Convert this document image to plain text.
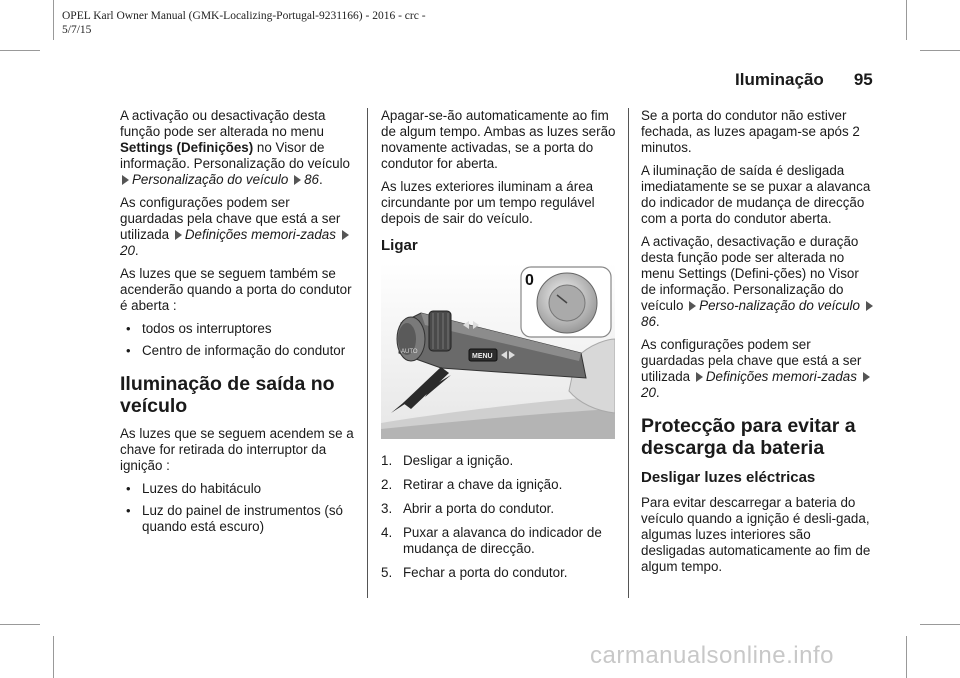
OPEL Karl Owner Manual (GMK-Localizing-Portugal-9231166) - 2016 - crc -
5/7/15
Iluminação 95

A activação ou desactivação desta função pode ser alterada no menu Settings (Definições) no Visor de informação. Personalização do veículo Personalização do veículo 86.

As configurações podem ser guardadas pela chave que está a ser utilizada Definições memori-zadas 20.

As luzes que se seguem também se acenderão quando a porta do condutor é aberta :

• todos os interruptores
• Centro de informação do condutor
Iluminação de saída no veículo

As luzes que se seguem acendem se a chave for retirada do interruptor da ignição :

• Luzes do habitáculo
• Luz do painel de instrumentos (só quando está escuro)

Apagar-se-ão automaticamente ao fim de algum tempo. Ambas as luzes serão novamente activadas, se a porta do condutor for aberta.

As luzes exteriores iluminam a área circundante por um tempo regulável depois de sair do veículo.

Ligar
AUTO
MENU
0
1. Desligar a ignição.
2. Retirar a chave da ignição.
3. Abrir a porta do condutor.
4. Puxar a alavanca do indicador de mudança de direcção.
5. Fechar a porta do condutor.

Se a porta do condutor não estiver fechada, as luzes apagam-se após 2 minutos.

A iluminação de saída é desligada imediatamente se se puxar a alavanca do indicador de mudança de direcção com a porta do condutor aberta.

A activação, desactivação e duração desta função pode ser alterada no menu Settings (Defini-ções) no Visor de informação. Personalização do veículo Perso-nalização do veículo 86.

As configurações podem ser guardadas pela chave que está a ser utilizada Definições memori-zadas 20.

Protecção para evitar a descarga da bateria
Desligar luzes eléctricas

Para evitar descarregar a bateria do veículo quando a ignição é desli-gada, algumas luzes interiores são desligadas automaticamente ao fim de algum tempo.

carmanualsonline.info
